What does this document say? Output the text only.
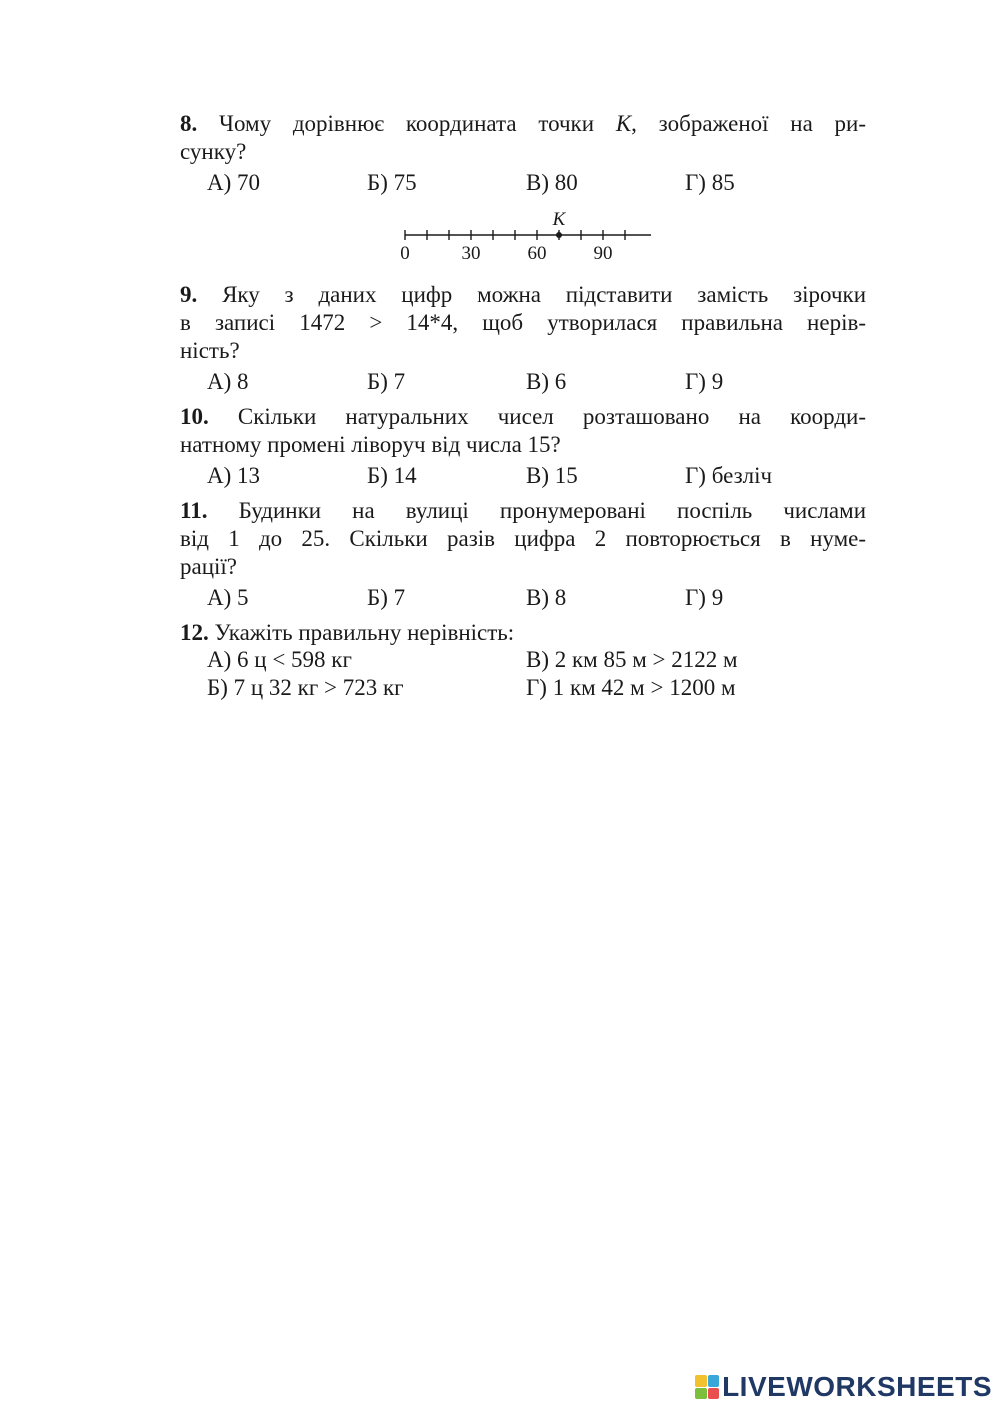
8. Чому дорівнює координата точки K, зображеної на ри-
сунку?
А) 70	Б) 75	В) 80	Г) 85
0	30 60 90
K
9. Яку з даних цифр можна підставити замість зірочки
в записі 1472 > 14*4, щоб утворилася правильна нерів-
ність?
А) 8	Б) 7	В) 6	Г) 9
10. Скільки натуральних чисел розташовано на коорди-
натному промені ліворуч від числа 15?
А) 13	Б) 14	В) 15	Г) безліч
11. Будинки на вулиці пронумеровані поспіль числами
від 1 до 25. Скільки разів цифра 2 повторюється в нуме-
рації?
А) 5	Б) 7	В) 8	Г) 9
12. Укажіть правильну нерівність:
А) 6 ц < 598 кг	В) 2 км 85 м > 2122 м
Б) 7 ц 32 кг > 723 кг	Г) 1 км 42 м > 1200 м
LIVEWORKSHEETS
